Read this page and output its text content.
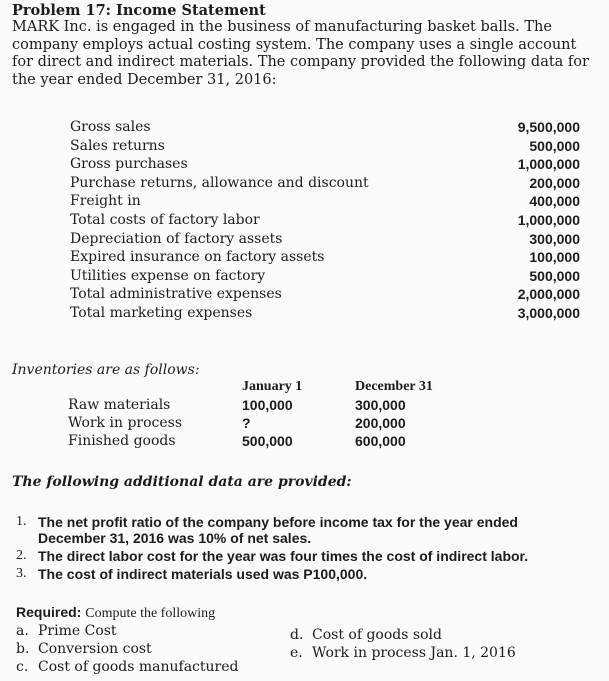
Problem 17: Income Statement

MARK Inc. is engaged in the business of manufacturing basket balls. The

company employs actual costing system. The company uses a single account

for direct and indirect materials. The company provided the following data for

the year ended December 31, 2016:

Gross sales	9,500,000
Sales returns	500,000
Gross purchases	1,000,000
Purchase returns, allowance and discount	200,000
Freight in	400,000
Total costs of factory labor	1,000,000
Depreciation of factory assets	300,000
Expired insurance on factory assets	100,000
Utilities expense on factory	500,000
Total administrative expenses	2,000,000
Total marketing expenses	3,000,000
Inventories are as follows:
January 1	December 31
Raw materials	100,000	300,000
Work in process	?	200,000
Finished goods	500,000	600,000
The following additional data are provided:
1. The net profit ratio of the company before income tax for the year ended December 31, 2016 was 10% of net sales.
2. The direct labor cost for the year was four times the cost of indirect labor.
3. The cost of indirect materials used was P100,000.
Required: Compute the following
a. Prime Cost
b. Conversion cost
c. Cost of goods manufactured
d. Cost of goods sold
e. Work in process Jan. 1, 2016
